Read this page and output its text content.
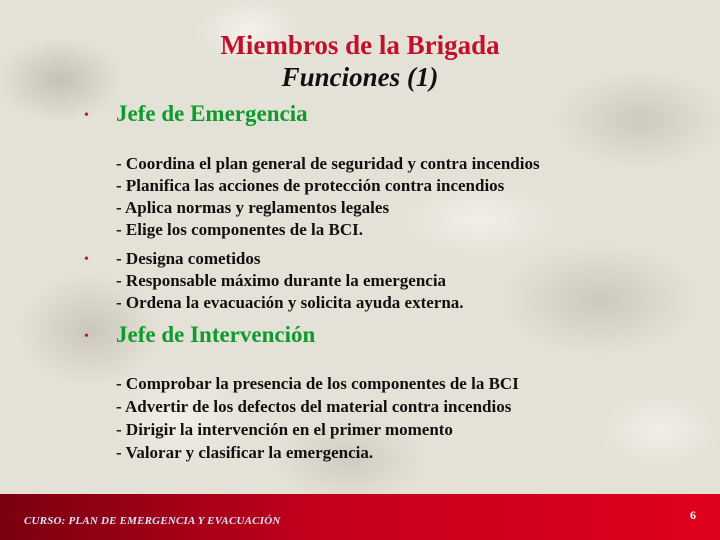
Miembros de la Brigada
Funciones (1)
• Jefe de Emergencia
- Coordina el plan general de seguridad y contra incendios
- Planifica las acciones de protección contra incendios
- Aplica normas y reglamentos legales
- Elige los componentes de la BCI.
• - Designa cometidos
- Responsable máximo durante la emergencia
- Ordena la evacuación y solicita ayuda externa.
• Jefe de Intervención
- Comprobar la presencia de los componentes de la BCI
- Advertir de los defectos del material contra incendios
- Dirigir la intervención en el primer momento
- Valorar y clasificar la emergencia.
CURSO: PLAN DE EMERGENCIA Y EVACUACIÓN	6
